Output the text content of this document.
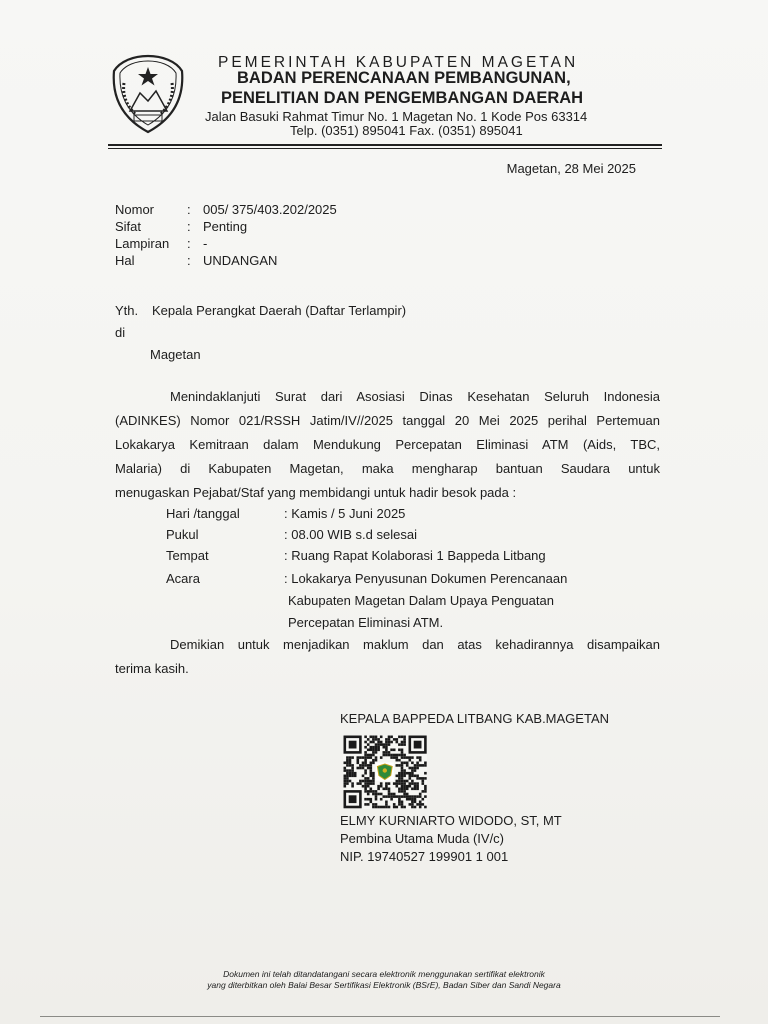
PEMERINTAH KABUPATEN MAGETAN
BADAN PERENCANAAN PEMBANGUNAN,
PENELITIAN DAN PENGEMBANGAN DAERAH
Jalan Basuki Rahmat Timur No. 1 Magetan No. 1 Kode Pos 63314
Telp. (0351) 895041 Fax. (0351) 895041
Magetan, 28 Mei 2025
Nomor	: 005/ 375/403.202/2025
Sifat	: Penting
Lampiran : -
Hal	: UNDANGAN
Yth. Kepala Perangkat Daerah (Daftar Terlampir)
di
Magetan
Menindaklanjuti Surat dari Asosiasi Dinas Kesehatan Seluruh Indonesia
(ADINKES) Nomor 021/RSSH Jatim/IV//2025 tanggal 20 Mei 2025 perihal Pertemuan
Lokakarya Kemitraan dalam Mendukung Percepatan Eliminasi ATM (Aids, TBC,
Malaria) di Kabupaten Magetan, maka mengharap bantuan Saudara untuk
menugaskan Pejabat/Staf yang membidangi untuk hadir besok pada :
Hari /tanggal	: Kamis / 5 Juni 2025
Pukul	: 08.00 WIB s.d selesai
Tempat	: Ruang Rapat Kolaborasi 1 Bappeda Litbang
Acara	: Lokakarya Penyusunan Dokumen Perencanaan
Kabupaten Magetan Dalam Upaya Penguatan
Percepatan Eliminasi ATM.
Demikian untuk menjadikan maklum dan atas kehadirannya disampaikan
terima kasih.
KEPALA BAPPEDA LITBANG KAB.MAGETAN
ELMY KURNIARTO WIDODO, ST, MT
Pembina Utama Muda (IV/c)
NIP. 19740527 199901 1 001
Dokumen ini telah ditandatangani secara elektronik menggunakan sertifikat elektronik
yang diterbitkan oleh Balai Besar Sertifikasi Elektronik (BSrE), Badan Siber dan Sandi Negara
